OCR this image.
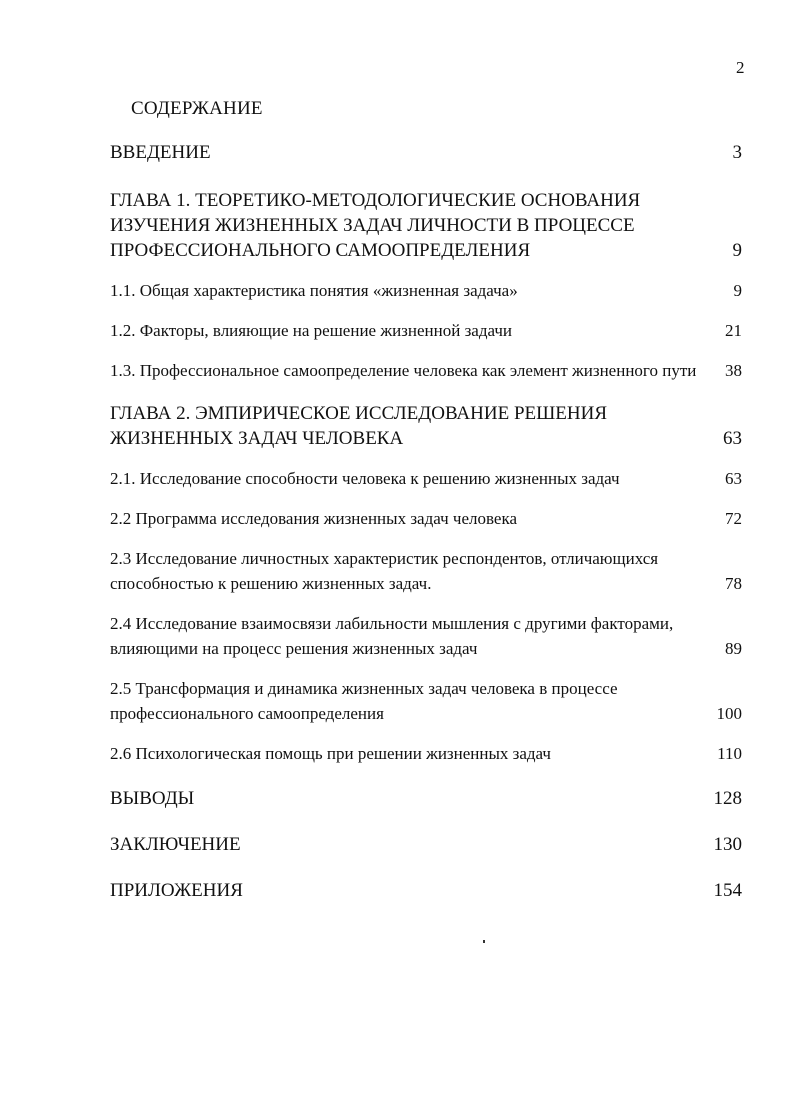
2
СОДЕРЖАНИЕ
ВВЕДЕНИЕ	3
ГЛАВА 1. ТЕОРЕТИКО-МЕТОДОЛОГИЧЕСКИЕ ОСНОВАНИЯ ИЗУЧЕНИЯ ЖИЗНЕННЫХ ЗАДАЧ ЛИЧНОСТИ В ПРОЦЕССЕ ПРОФЕССИОНАЛЬНОГО САМООПРЕДЕЛЕНИЯ	9
1.1. Общая характеристика понятия «жизненная задача»	9
1.2. Факторы, влияющие на решение жизненной задачи	21
1.3. Профессиональное самоопределение человека как элемент жизненного пути 38
ГЛАВА 2. ЭМПИРИЧЕСКОЕ ИССЛЕДОВАНИЕ РЕШЕНИЯ ЖИЗНЕННЫХ ЗАДАЧ ЧЕЛОВЕКА	63
2.1. Исследование способности человека к решению жизненных задач	63
2.2 Программа исследования жизненных задач человека	72
2.3 Исследование личностных характеристик респондентов, отличающихся способностью к решению жизненных задач.	78
2.4 Исследование взаимосвязи лабильности мышления с другими факторами, влияющими на процесс решения жизненных задач	89
2.5 Трансформация и динамика жизненных задач человека в процессе профессионального самоопределения	100
2.6 Психологическая помощь при решении жизненных задач	110
ВЫВОДЫ	128
ЗАКЛЮЧЕНИЕ	130
ПРИЛОЖЕНИЯ	154
